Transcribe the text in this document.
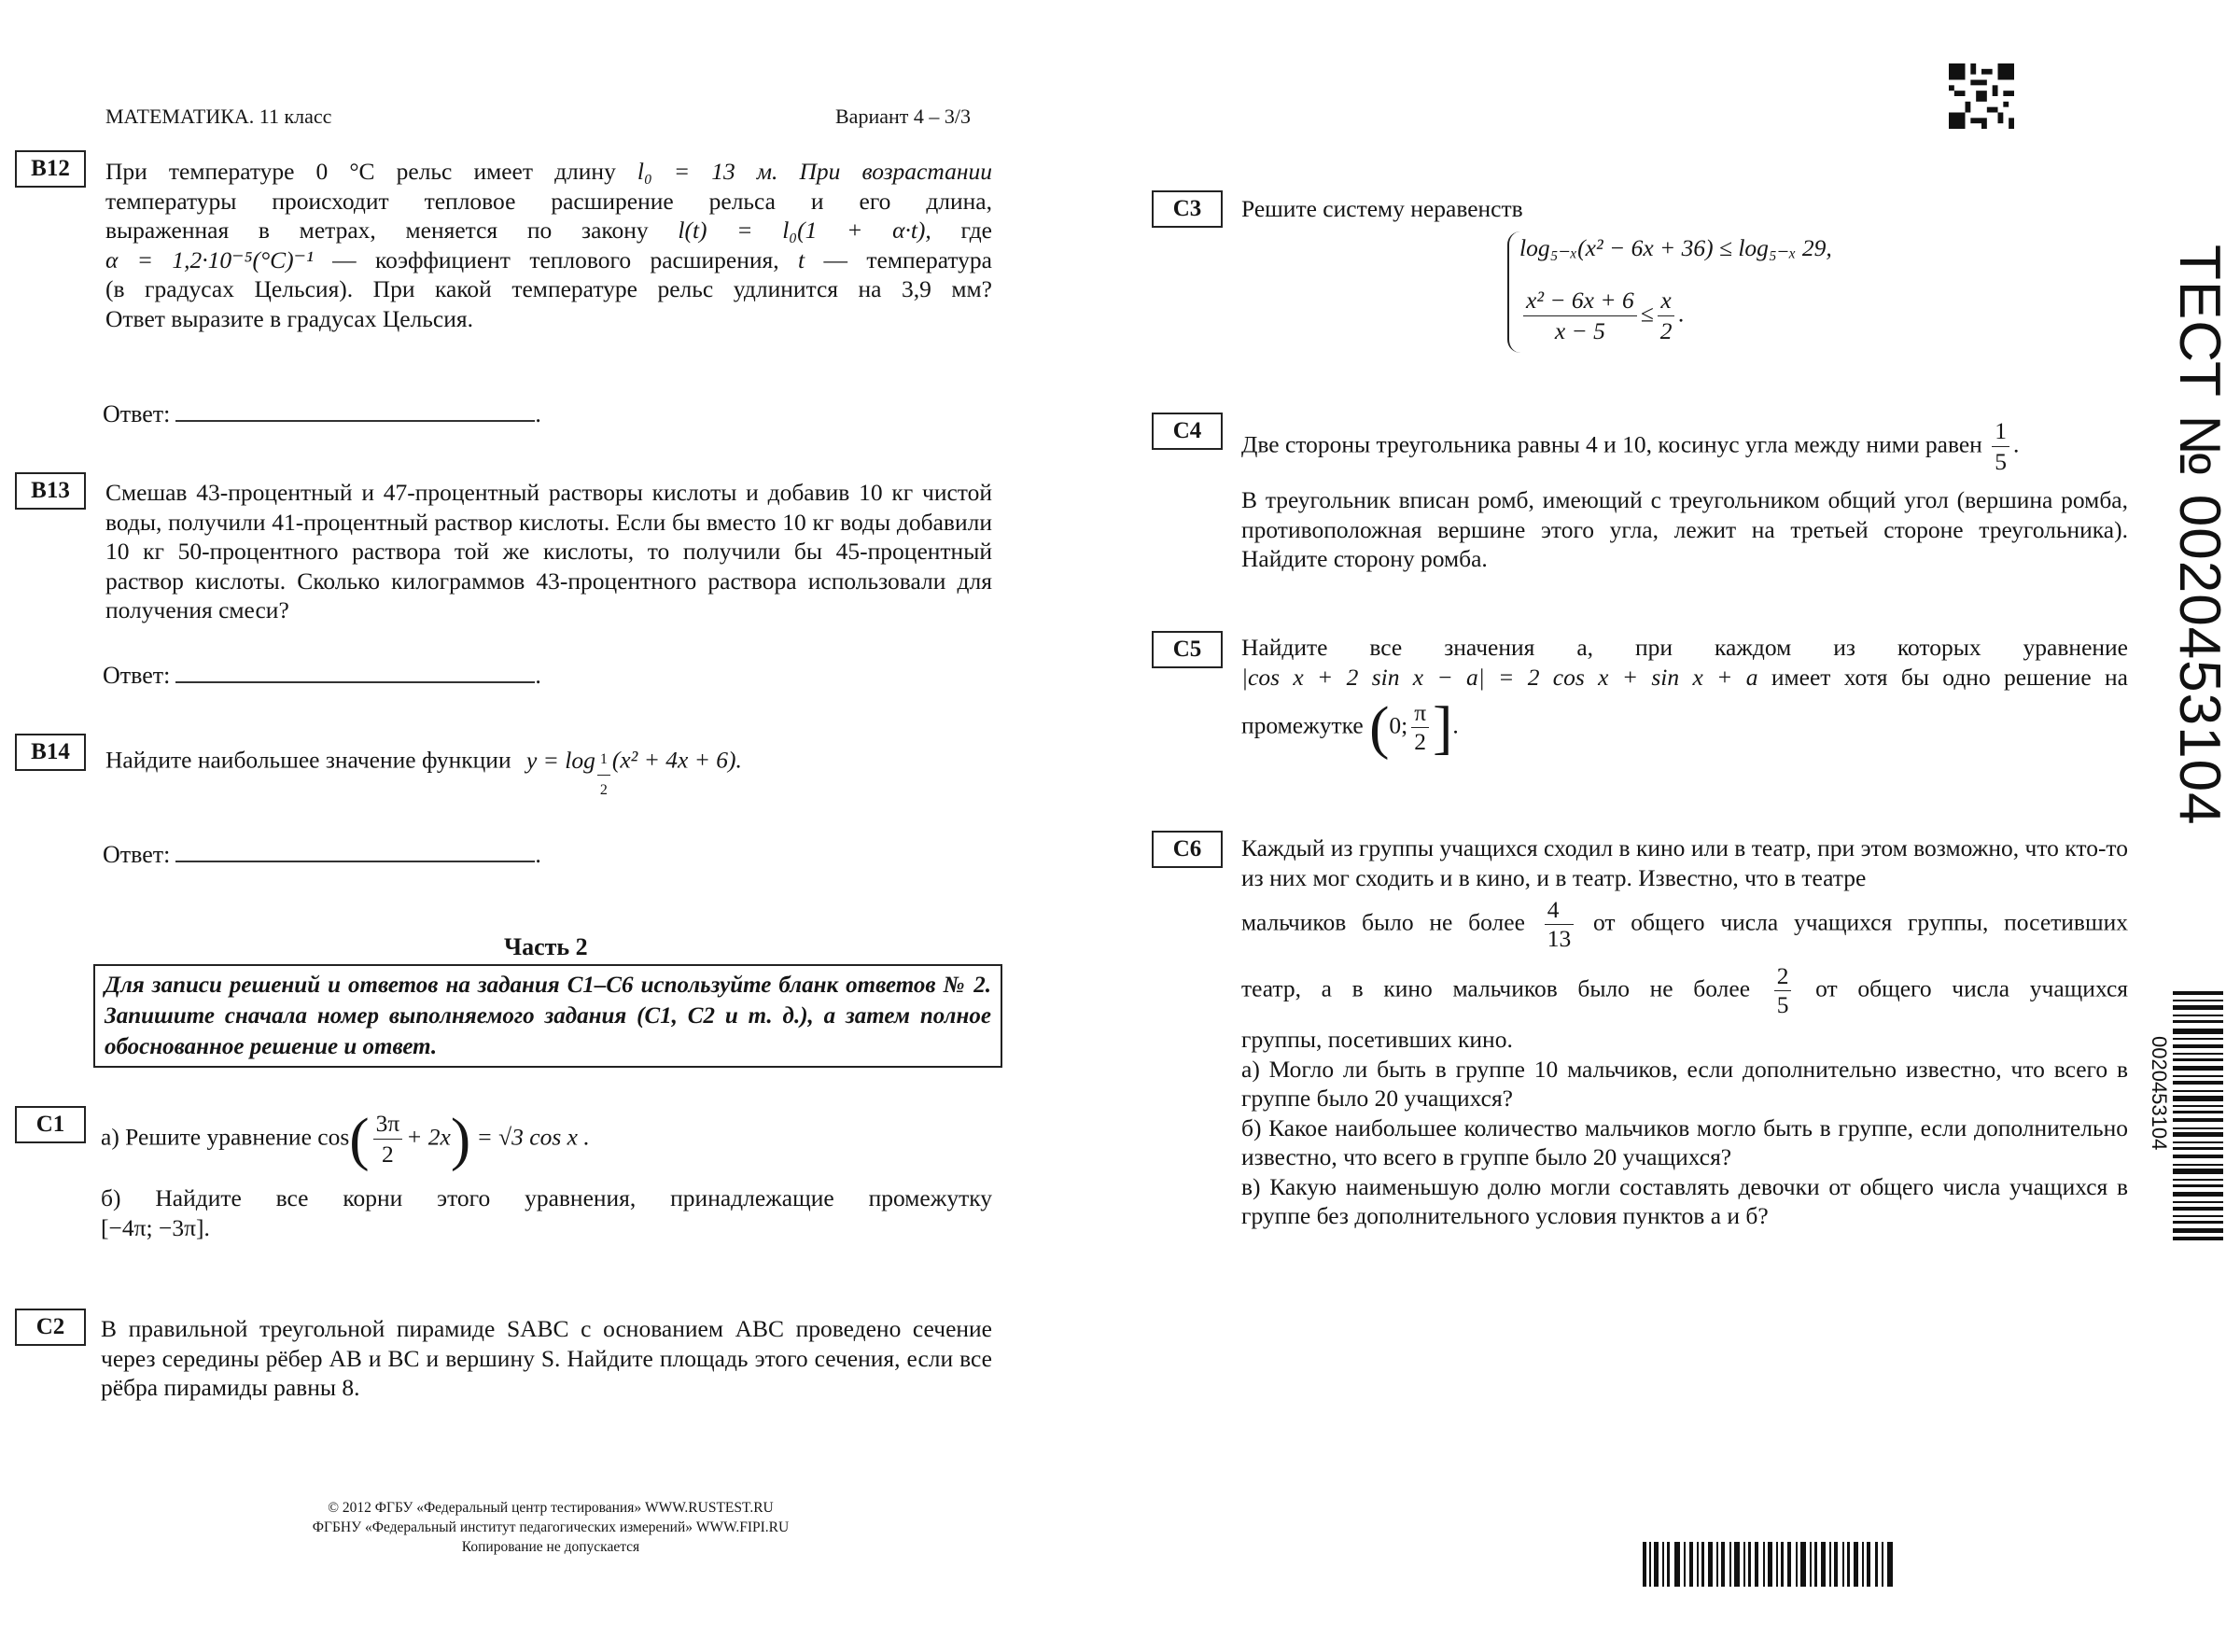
МАТЕМАТИКА. 11 класс	Вариант 4 – 3/3
B12	При температуре 0 °C рельс имеет длину l₀ = 13 м. При возрастании

температуры происходит тепловое расширение рельса и его длина,

выраженная в метрах, меняется по закону l(t) = l₀(1 + α·t), где

α = 1,2·10⁻⁵(°C)⁻¹ — коэффициент теплового расширения, t — температура

(в градусах Цельсия). При какой температуре рельс удлинится на 3,9 мм?

Ответ выразите в градусах Цельсия.

Ответ:	.
B13	Смешав 43-процентный и 47-процентный растворы кислоты и добавив 10 кг чистой воды, получили 41-процентный раствор кислоты. Если бы вместо 10 кг воды добавили 10 кг 50-процентного раствора той же кислоты, то получили бы 45-процентный раствор кислоты. Сколько килограммов 43-процентного раствора использовали для получения смеси?
Ответ:	.
B14	Найдите наибольшее значение функции $y = \log \frac{1}{2} (x^2 + 4x + 6)$.
Ответ:	.
Часть 2
Для записи решений и ответов на задания С1–С6 используйте бланк ответов № 2. Запишите сначала номер выполняемого задания (С1, С2 и т. д.), а затем полное обоснованное решение и ответ.
C1	а) Решите уравнение $\cos( \frac{3\pi}{2} + 2x) = √3$ cos x .

б) Найдите все корни этого уравнения, принадлежащие промежутку

[−4π; −3π].

C2	В правильной треугольной пирамиде SABC с основанием ABC проведено сечение через середины рёбер AB и BC и вершину S. Найдите площадь этого сечения, если все рёбра пирамиды равны 8.
© 2012 ФГБУ «Федеральный центр тестирования» WWW.RUSTEST.RU
ФГБНУ «Федеральный институт педагогических измерений» WWW.FIPI.RU
Копирование не допускается
C3	Решите систему неравенств
log₅₋ₓ(x² − 6x + 36) ≤ log₅₋ₓ 29,
$\frac{\text{x² − 6x + 6}}{x - 5} \le \frac{x}{2}$ .
C4	Две стороны треугольника равны 4 и 10, косинус угла между ними равен $\frac{1}{5}$ .
В треугольник вписан ромб, имеющий с треугольником общий угол (вершина ромба, противоположная вершине этого угла, лежит на третьей стороне треугольника). Найдите сторону ромба.
C5	Найдите все значения a, при каждом из которых уравнение

|cos x + 2 sin x − a| = 2 cos x + sin x + a имеет хотя бы одно решение на

промежутке (0; $\frac{\pi}{2}$ ].

C6	Каждый из группы учащихся сходил в кино или в театр, при этом возможно, что кто-то из них мог сходить и в кино, и в театр. Известно, что в театре

мальчиков было не более $\frac{4}{13}$ от общего числа учащихся группы, посетивших

театр, а в кино мальчиков было не более $\frac{2}{5}$ от общего числа учащихся

группы, посетивших кино.

а) Могло ли быть в группе 10 мальчиков, если дополнительно известно, что всего в группе было 20 учащихся?

б) Какое наибольшее количество мальчиков могло быть в группе, если дополнительно известно, что всего в группе было 20 учащихся?

в) Какую наименьшую долю могли составлять девочки от общего числа учащихся в группе без дополнительного условия пунктов а и б?

ТЕСТ № 0020453104
0020453104
